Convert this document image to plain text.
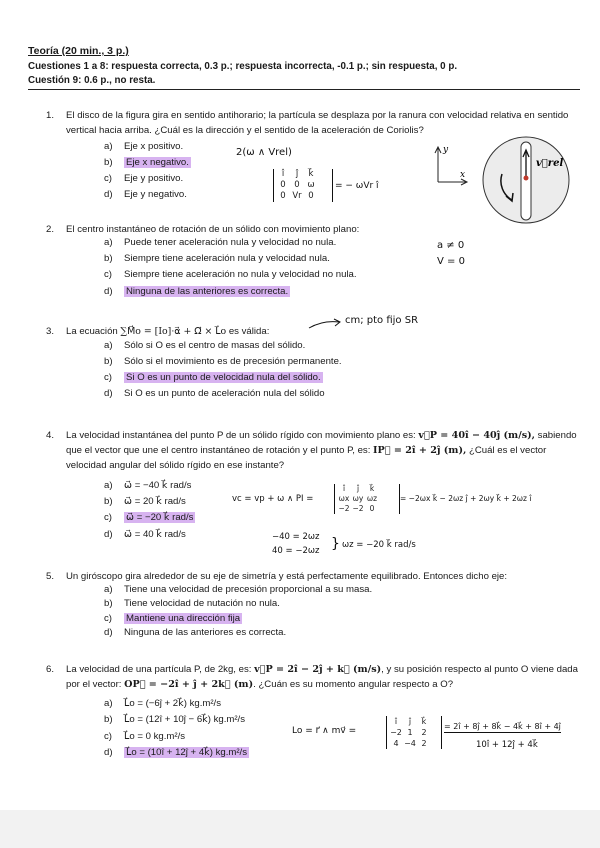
Teoría (20 min., 3 p.)
Cuestiones 1 a 8: respuesta correcta, 0.3 p.; respuesta incorrecta, -0.1 p.; sin respuesta, 0 p.
Cuestión 9: 0.6 p., no resta.
1.	El disco de la figura gira en sentido antihorario; la partícula se desplaza por la ranura con velocidad relativa en sentido vertical hacia arriba. ¿Cuál es la dirección y el sentido de la aceleración de Coriolis?
a) Eje x positivo.
b) Eje x negativo.
c) Eje y positivo.
d) Eje y negativo.
2(ω ∧ Vrel)
î ĵ k⃗
0 0 ω
0 Vr 0
= − ωVr î
y
x
v⃗rel
2.	El centro instantáneo de rotación de un sólido con movimiento plano:
a) Puede tener aceleración nula y velocidad no nula.
b) Siempre tiene aceleración nula y velocidad nula.
c) Siempre tiene aceleración no nula y velocidad no nula.
d) Ninguna de las anteriores es correcta.
a ≠ 0
V = 0
3.	La ecuación ∑M⃗o = [Io]·α⃗ + Ω⃗ × L⃗o es válida:
a) Sólo si O es el centro de masas del sólido.
b) Sólo si el movimiento es de precesión permanente.
c) Si O es un punto de velocidad nula del sólido.
d) Si O es un punto de aceleración nula del sólido
cm; pto fijo SR
4.	La velocidad instantánea del punto P de un sólido rígido con movimiento plano es: v⃗P = 40î − 40ĵ (m/s), sabiendo que el vector que une el centro instantáneo de rotación y el punto P, es: IP⃗ = 2î + 2ĵ (m), ¿Cuál es el vector velocidad angular del sólido rígido en ese instante?
a) ω⃗ = −40 k⃗ rad/s
b) ω⃗ = 20 k⃗ rad/s
c) ω⃗ = −20 k⃗ rad/s
d) ω⃗ = 40 k⃗ rad/s
vc = vp + ω ∧ PI =
î ĵ k⃗
ωx ωy ωz
−2 −2 0
= −2ωx k⃗ − 2ωz ĵ + 2ωy k⃗ + 2ωz î
−40 = 2ωz
40 = −2ωz } ωz = −20 k⃗ rad/s
5.	Un giróscopo gira alrededor de su eje de simetría y está perfectamente equilibrado. Entonces dicho eje:
a) Tiene una velocidad de precesión proporcional a su masa.
b) Tiene velocidad de nutación no nula.
c) Mantiene una dirección fija
d) Ninguna de las anteriores es correcta.
6.	La velocidad de una partícula P, de 2kg, es: v⃗P = 2î − 2ĵ + k⃗ (m/s), y su posición respecto al punto O viene dada por el vector: OP⃗ = −2î + ĵ + 2k⃗ (m). ¿Cuán es su momento angular respecto a O?
a) L⃗o = (−6ĵ + 2k⃗) kg.m²/s
b) L⃗o = (12î + 10ĵ − 6k⃗) kg.m²/s
c) L⃗o = 0 kg.m²/s
d) L⃗o = (10î + 12ĵ + 4k⃗) kg.m²/s
Lo = r⃗ ∧ mv⃗ =
î ĵ k⃗
−2 1 2
4 −4 2
= 2î + 8ĵ + 8k⃗ − 4k⃗ + 8î + 4ĵ
10î + 12ĵ + 4k⃗
